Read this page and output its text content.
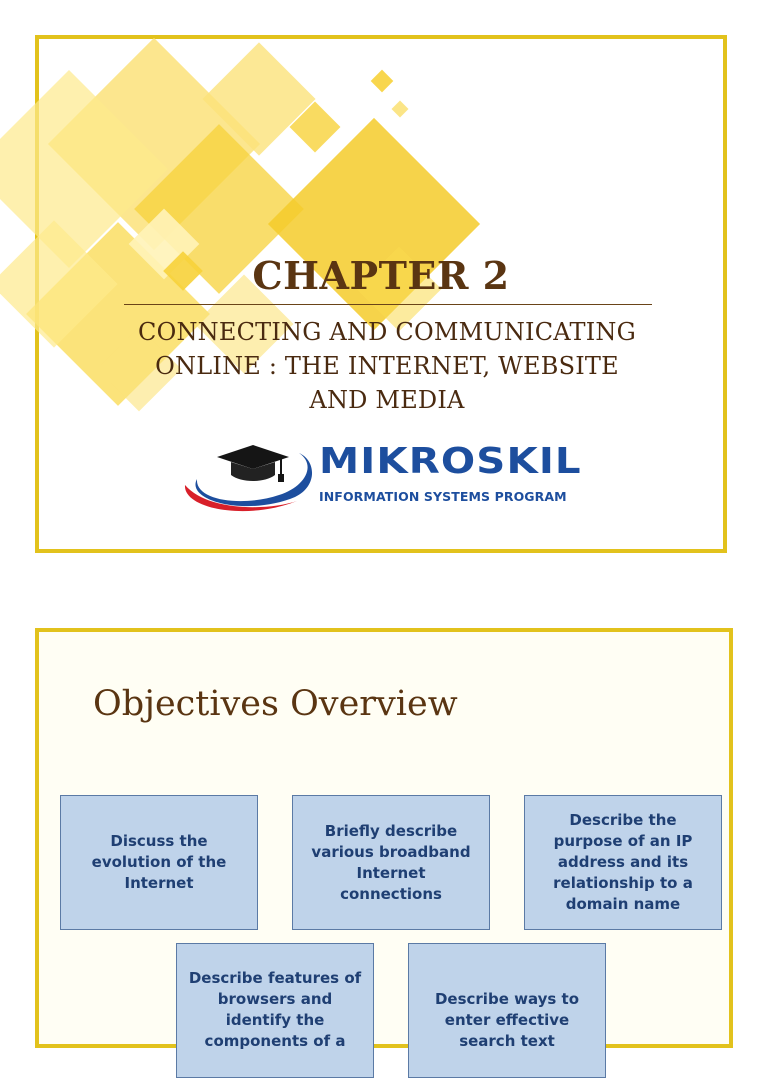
CHAPTER 2
CONNECTING AND COMMUNICATING
ONLINE : THE INTERNET, WEBSITE
AND MEDIA
MIKROSKIL
INFORMATION SYSTEMS PROGRAM
Objectives Overview
Discuss the evolution of the Internet
Briefly describe various broadband Internet connections
Describe the purpose of an IP address and its relationship to a domain name
Describe features of browsers and identify the components of a
Describe ways to enter effective search text
